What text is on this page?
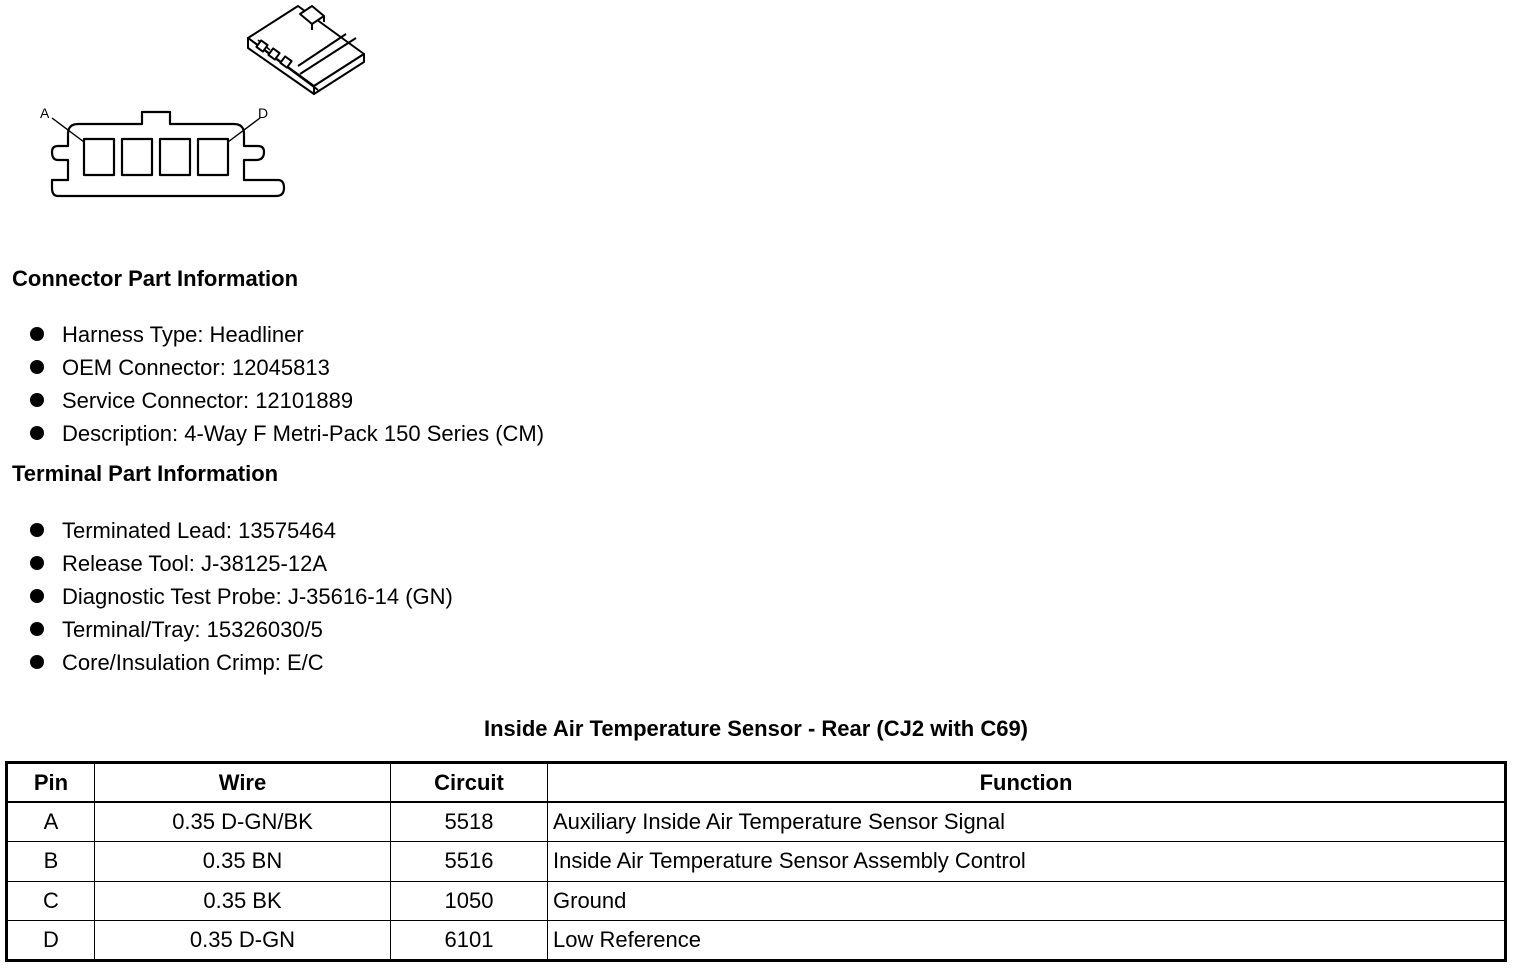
A	D
Connector Part Information
Harness Type: Headliner
OEM Connector: 12045813
Service Connector: 12101889
Description: 4-Way F Metri-Pack 150 Series (CM)
Terminal Part Information
Terminated Lead: 13575464
Release Tool: J-38125-12A
Diagnostic Test Probe: J-35616-14 (GN)
Terminal/Tray: 15326030/5
Core/Insulation Crimp: E/C
Inside Air Temperature Sensor - Rear (CJ2 with C69)
Pin	Wire	Circuit	Function
A	0.35 D-GN/BK	5518	Auxiliary Inside Air Temperature Sensor Signal
B	0.35 BN	5516	Inside Air Temperature Sensor Assembly Control
C	0.35 BK	1050	Ground
D	0.35 D-GN	6101	Low Reference
